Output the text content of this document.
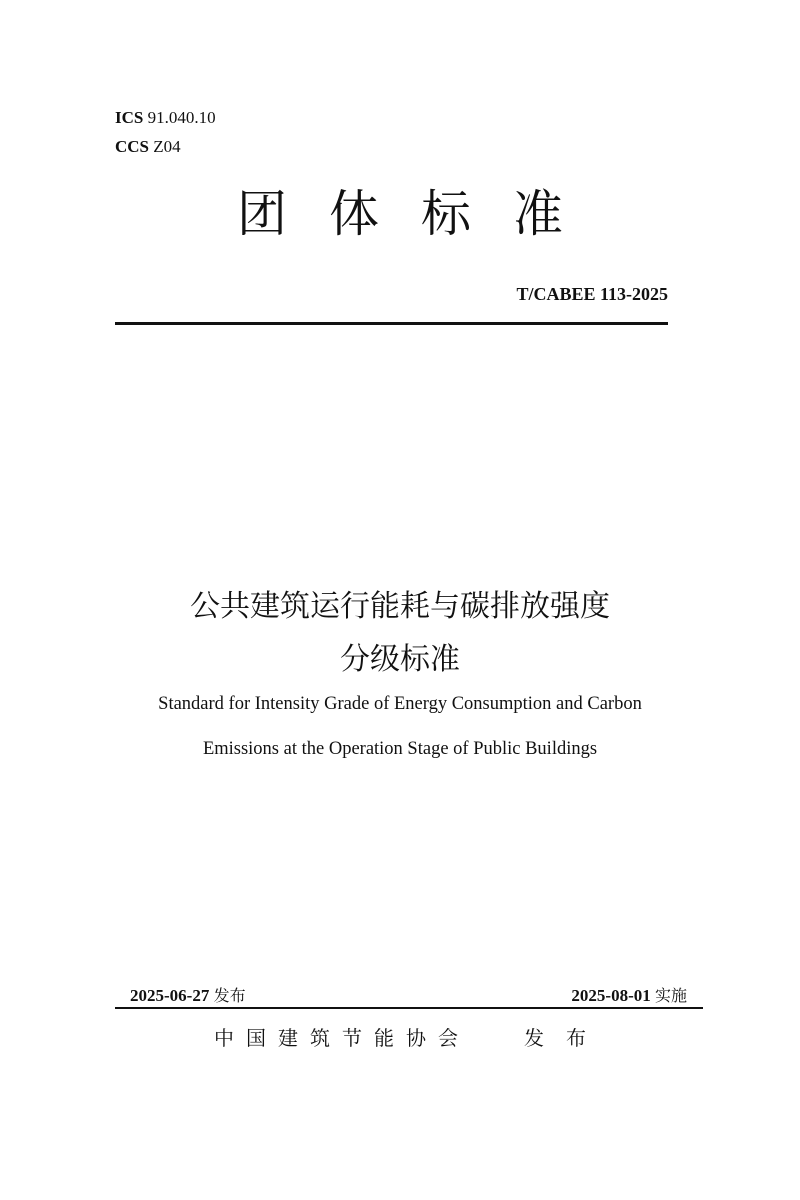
ICS 91.040.10
CCS Z04
团体标准
T/CABEE 113-2025
公共建筑运行能耗与碳排放强度
分级标准
Standard for Intensity Grade of Energy Consumption and Carbon
Emissions at the Operation Stage of Public Buildings
2025-06-27 发布	2025-08-01 实施
中国建筑节能协会	发布
